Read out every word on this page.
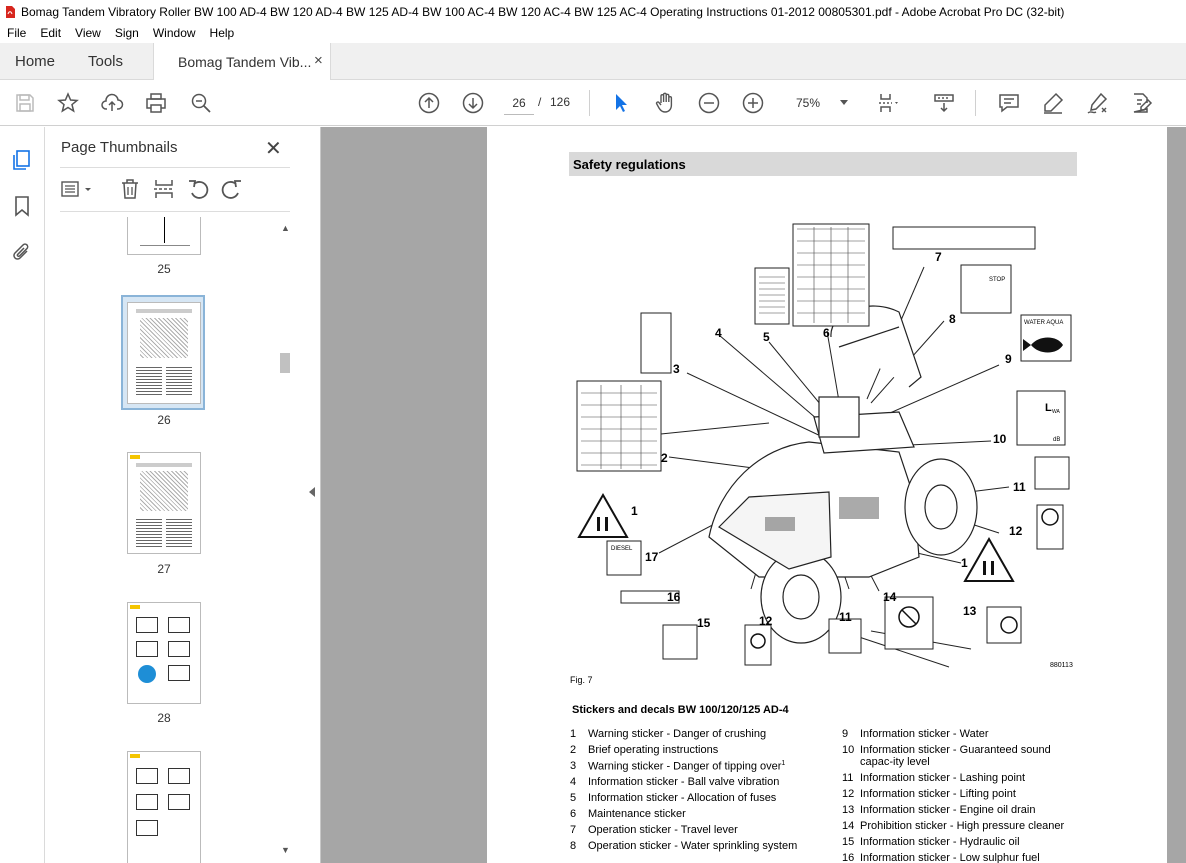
Bomag Tandem Vibratory Roller BW 100 AD-4 BW 120 AD-4 BW 125 AD-4 BW 100 AC-4 BW 120 AC-4 BW 125 AC-4 Operating Instructions 01-2012 00805301.pdf - Adobe Acrobat Pro DC (32-bit)
File	Edit	View	Sign	Window	Help
Home Tools	Bomag Tandem Vib... ×
26	/ 126	75%
Page Thumbnails	✕
25
26
27
28
▲
▼
Safety regulations
1
2
3
4	5	6
7
8
9
10
11
12
13
14
15
16
17	1
11
12
WATER AQUA
STOP
DIESEL
dB
L WA
880113
Fig. 7
Stickers and decals BW 100/120/125 AD-4
1	Warning sticker - Danger of crushing
2	Brief operating instructions
3	Warning sticker - Danger of tipping over$^1$
4	Information sticker - Ball valve vibration
5	Information sticker - Allocation of fuses
6	Maintenance sticker
7	Operation sticker - Travel lever
8	Operation sticker - Water sprinkling system
9	Information sticker - Water
10 Information sticker - Guaranteed sound capac-ity level
11 Information sticker - Lashing point
12 Information sticker - Lifting point
13 Information sticker - Engine oil drain
14 Prohibition sticker - High pressure cleaner
15 Information sticker - Hydraulic oil
16 Information sticker - Low sulphur fuel
